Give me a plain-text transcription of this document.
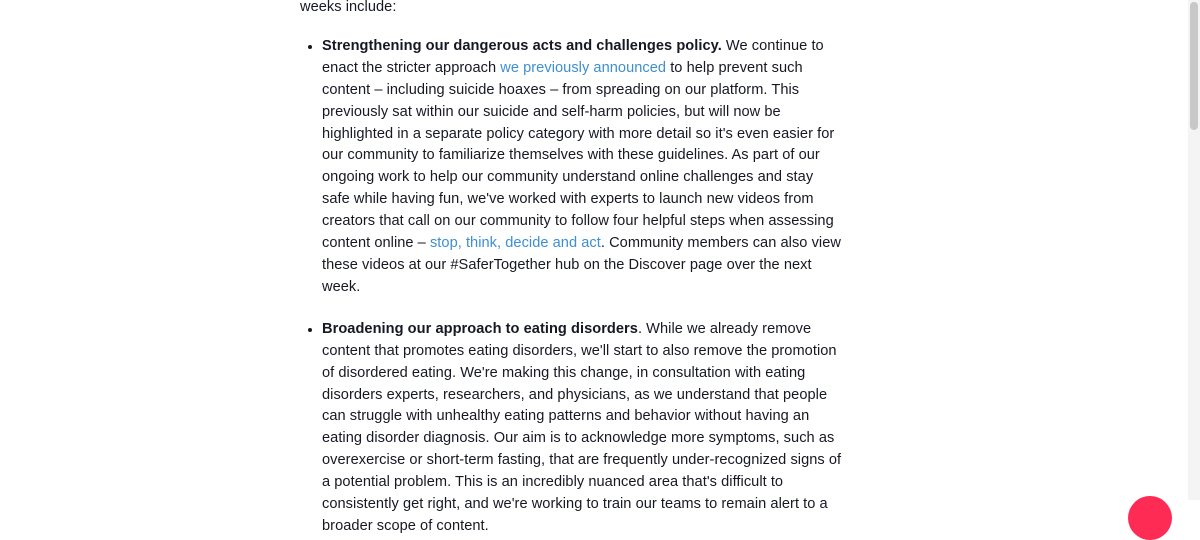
weeks include:

Strengthening our dangerous acts and challenges policy. We continue to enact the stricter approach we previously announced to help prevent such content – including suicide hoaxes – from spreading on our platform. This previously sat within our suicide and self-harm policies, but will now be highlighted in a separate policy category with more detail so it's even easier for our community to familiarize themselves with these guidelines. As part of our ongoing work to help our community understand online challenges and stay safe while having fun, we've worked with experts to launch new videos from creators that call on our community to follow four helpful steps when assessing content online – stop, think, decide and act. Community members can also view these videos at our #SaferTogether hub on the Discover page over the next week.
Broadening our approach to eating disorders. While we already remove content that promotes eating disorders, we'll start to also remove the promotion of disordered eating. We're making this change, in consultation with eating disorders experts, researchers, and physicians, as we understand that people can struggle with unhealthy eating patterns and behavior without having an eating disorder diagnosis. Our aim is to acknowledge more symptoms, such as overexercise or short-term fasting, that are frequently under-recognized signs of a potential problem. This is an incredibly nuanced area that's difficult to consistently get right, and we're working to train our teams to remain alert to a broader scope of content.
